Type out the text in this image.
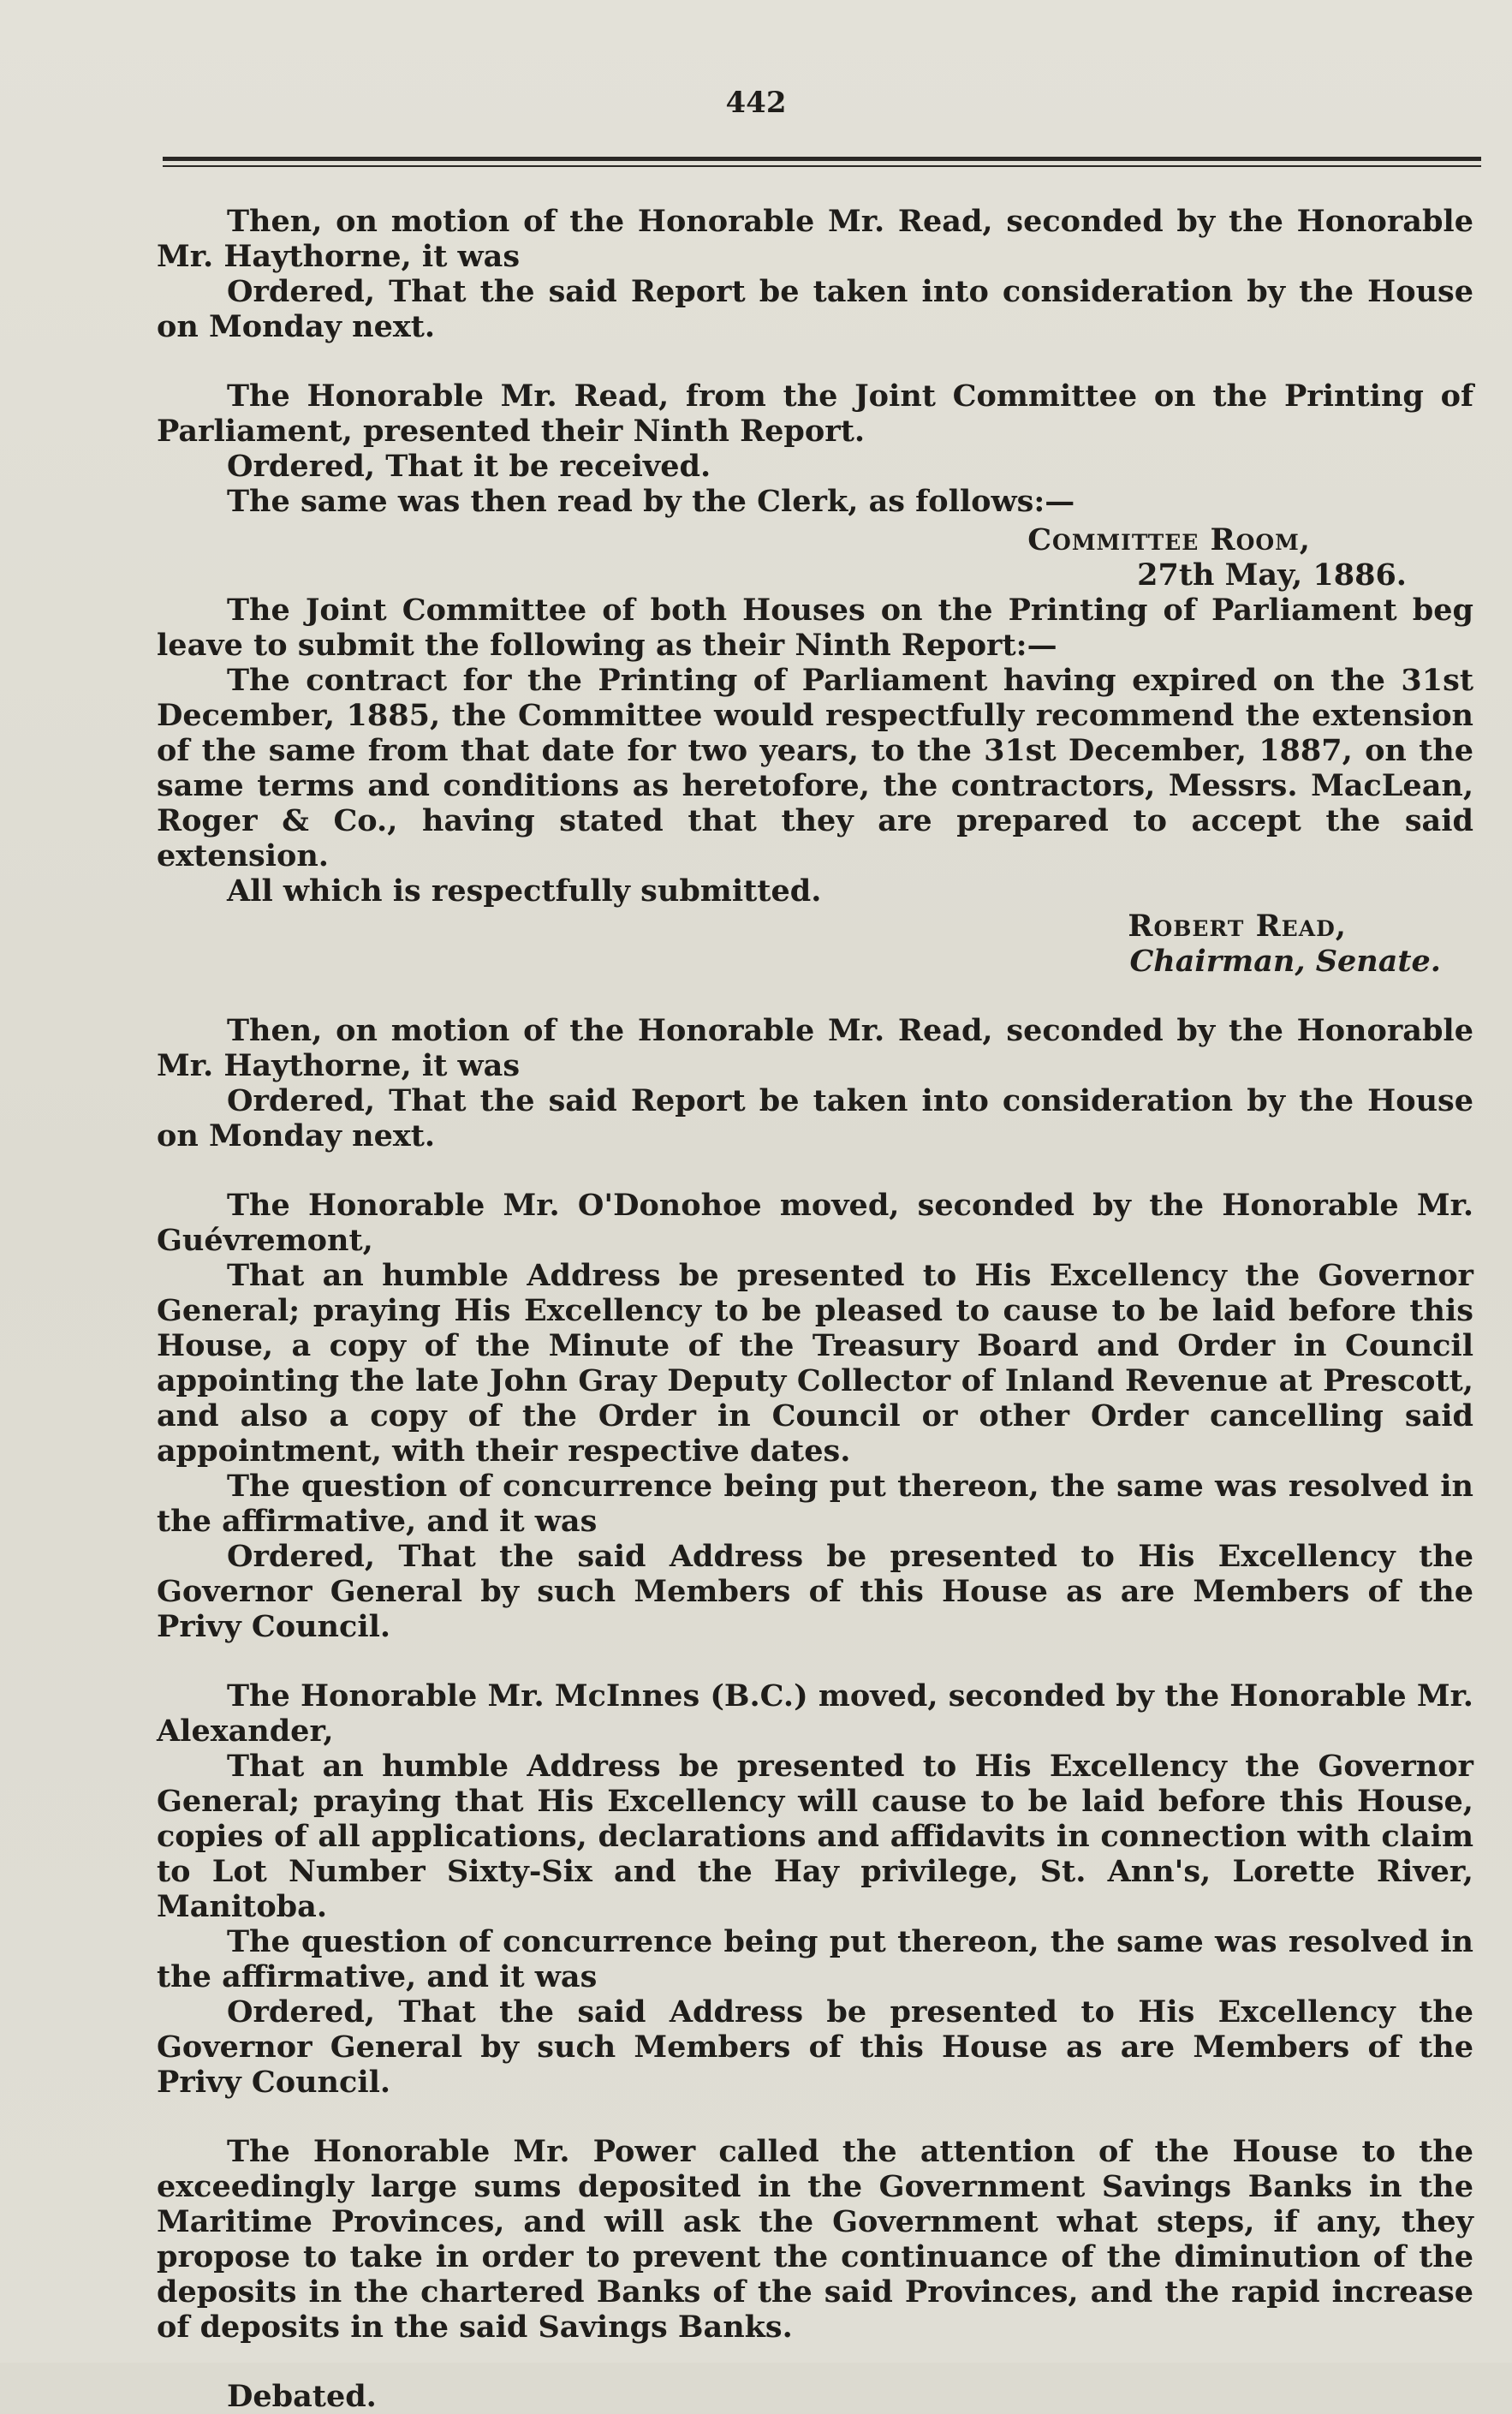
442

Then, on motion of the Honorable Mr. Read, seconded by the Honorable Mr. Haythorne, it was

Ordered, That the said Report be taken into consideration by the House on Monday next.

The Honorable Mr. Read, from the Joint Committee on the Printing of Parliament, presented their Ninth Report.

Ordered, That it be received.

The same was then read by the Clerk, as follows:—

Committee Room,
27th May, 1886.

The Joint Committee of both Houses on the Printing of Parliament beg leave to submit the following as their Ninth Report:—

The contract for the Printing of Parliament having expired on the 31st December, 1885, the Committee would respectfully recommend the extension of the same from that date for two years, to the 31st December, 1887, on the same terms and conditions as heretofore, the contractors, Messrs. MacLean, Roger & Co., having stated that they are prepared to accept the said extension.

All which is respectfully submitted.

Robert Read,
Chairman, Senate.

Then, on motion of the Honorable Mr. Read, seconded by the Honorable Mr. Haythorne, it was

Ordered, That the said Report be taken into consideration by the House on Monday next.

The Honorable Mr. O'Donohoe moved, seconded by the Honorable Mr. Guévremont,

That an humble Address be presented to His Excellency the Governor General; praying His Excellency to be pleased to cause to be laid before this House, a copy of the Minute of the Treasury Board and Order in Council appointing the late John Gray Deputy Collector of Inland Revenue at Prescott, and also a copy of the Order in Council or other Order cancelling said appointment, with their respective dates.

The question of concurrence being put thereon, the same was resolved in the affirmative, and it was

Ordered, That the said Address be presented to His Excellency the Governor General by such Members of this House as are Members of the Privy Council.

The Honorable Mr. McInnes (B.C.) moved, seconded by the Honorable Mr. Alexander,

That an humble Address be presented to His Excellency the Governor General; praying that His Excellency will cause to be laid before this House, copies of all applications, declarations and affidavits in connection with claim to Lot Number Sixty-Six and the Hay privilege, St. Ann's, Lorette River, Manitoba.

The question of concurrence being put thereon, the same was resolved in the affirmative, and it was

Ordered, That the said Address be presented to His Excellency the Governor General by such Members of this House as are Members of the Privy Council.

The Honorable Mr. Power called the attention of the House to the exceedingly large sums deposited in the Government Savings Banks in the Maritime Provinces, and will ask the Government what steps, if any, they propose to take in order to prevent the continuance of the diminution of the deposits in the chartered Banks of the said Provinces, and the rapid increase of deposits in the said Savings Banks.

Debated.
